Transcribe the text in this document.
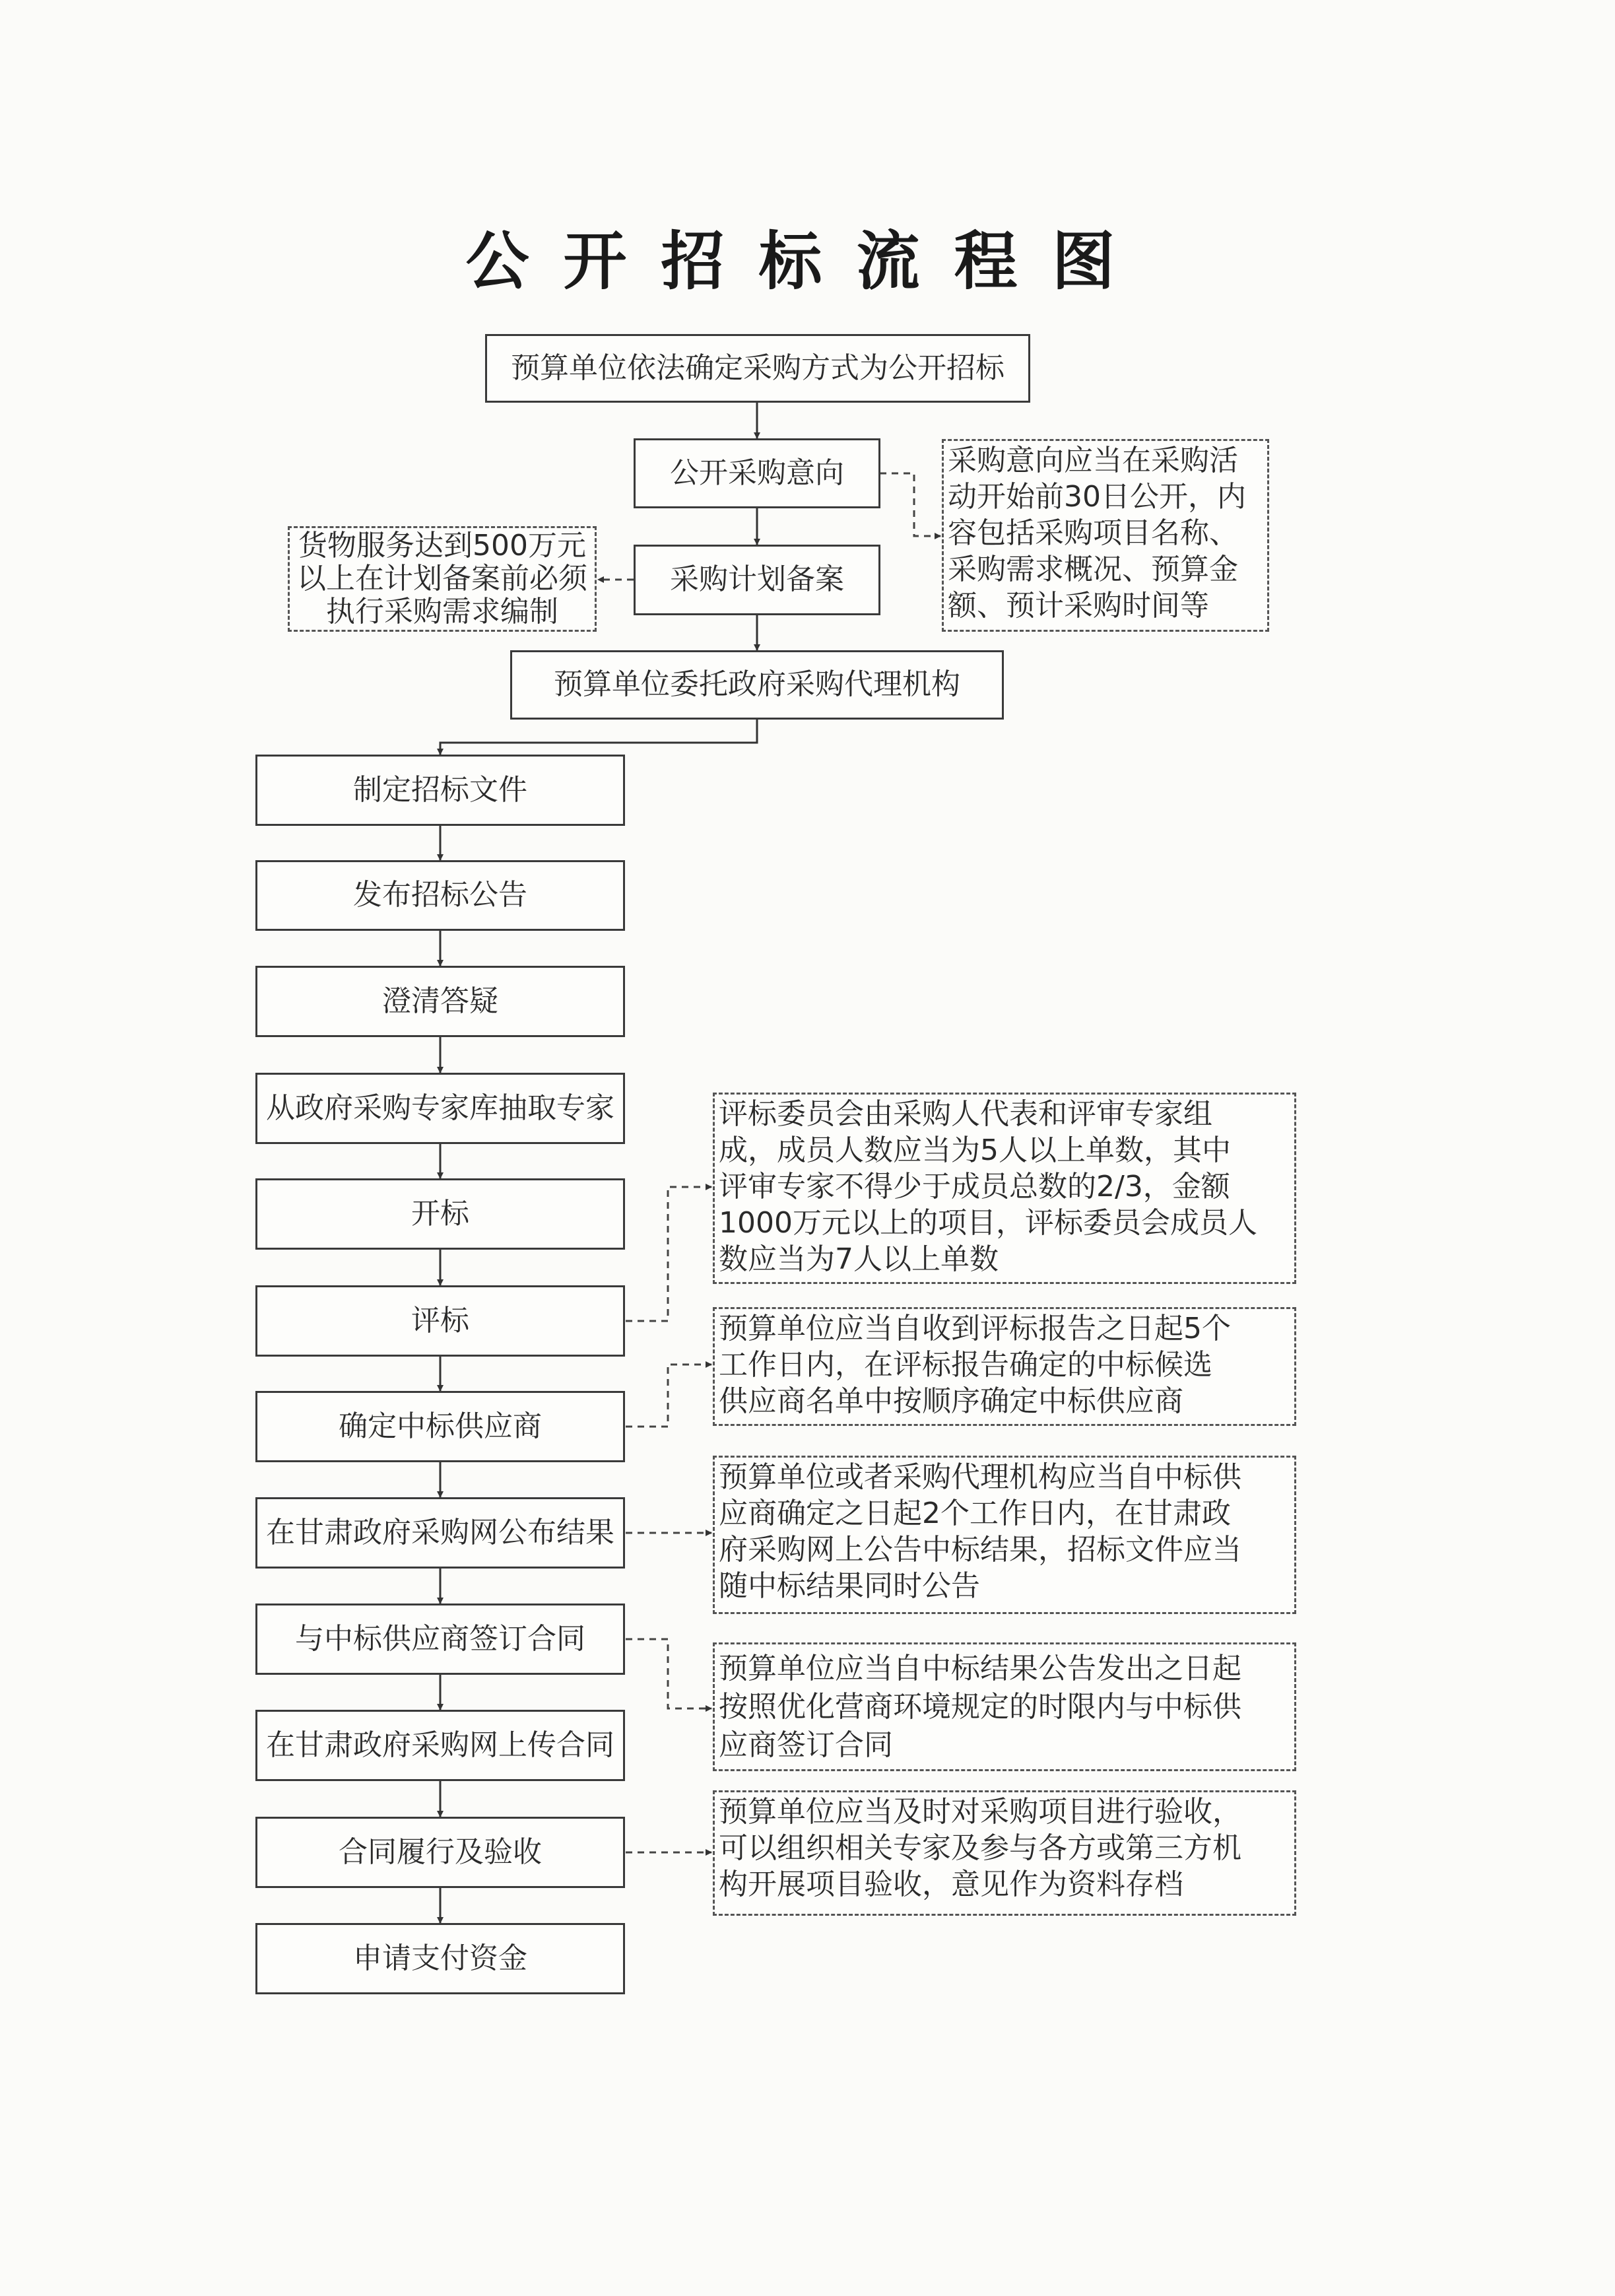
公开招标流程图
预算单位依法确定采购方式为公开招标
公开采购意向
采购计划备案
预算单位委托政府采购代理机构
制定招标文件
发布招标公告
澄清答疑
从政府采购专家库抽取专家
开标
评标
确定中标供应商
在甘肃政府采购网公布结果
与中标供应商签订合同
在甘肃政府采购网上传合同
合同履行及验收
申请支付资金
采购意向应当在采购活
动开始前30日公开，内
容包括采购项目名称、
采购需求概况、预算金
额、预计采购时间等
货物服务达到500万元
以上在计划备案前必须
执行采购需求编制
评标委员会由采购人代表和评审专家组
成，成员人数应当为5人以上单数，其中
评审专家不得少于成员总数的2/3，金额
1000万元以上的项目，评标委员会成员人
数应当为7人以上单数
预算单位应当自收到评标报告之日起5个
工作日内，在评标报告确定的中标候选
供应商名单中按顺序确定中标供应商
预算单位或者采购代理机构应当自中标供
应商确定之日起2个工作日内，在甘肃政
府采购网上公告中标结果，招标文件应当
随中标结果同时公告
预算单位应当自中标结果公告发出之日起
按照优化营商环境规定的时限内与中标供
应商签订合同
预算单位应当及时对采购项目进行验收，
可以组织相关专家及参与各方或第三方机
构开展项目验收，意见作为资料存档
